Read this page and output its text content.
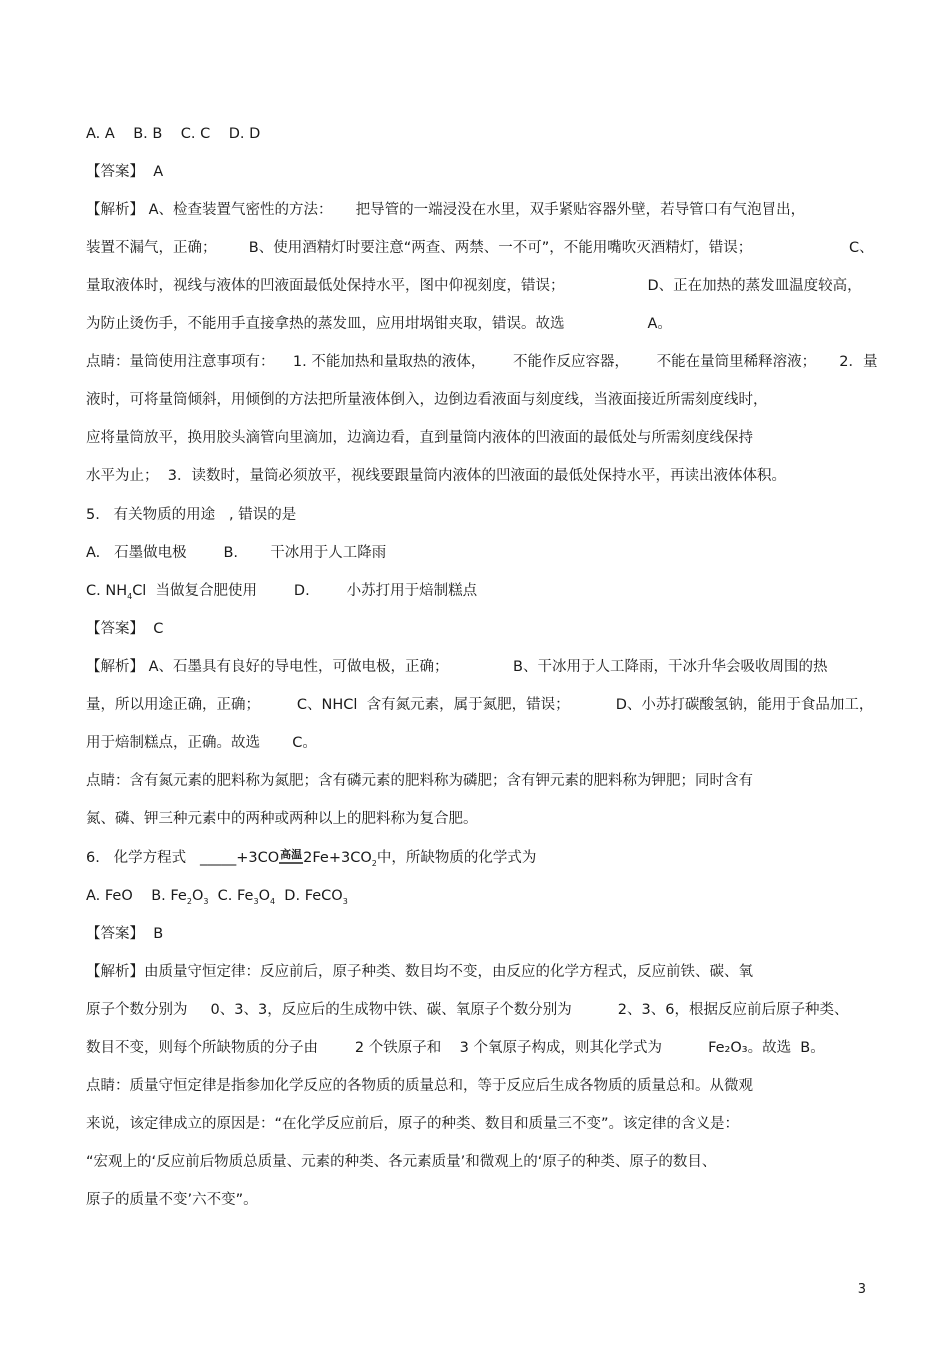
A. A    B. B    C. C    D. D
【答案】  A
【解析】 A、检查装置气密性的方法：     把导管的一端浸没在水里，双手紧贴容器外壁，若导管口有气泡冒出，
装置不漏气，正确；       B、使用酒精灯时要注意“两查、两禁、一不可”，不能用嘴吹灭酒精灯，错误；                     C、
量取液体时，视线与液体的凹液面最低处保持水平，图中仰视刻度，错误；                  D、正在加热的蒸发皿温度较高，
为防止烫伤手，不能用手直接拿热的蒸发皿，应用坩埚钳夹取，错误。故选                  A。
点睛：量筒使用注意事项有：    1. 不能加热和量取热的液体，      不能作反应容器，      不能在量筒里稀释溶液；     2．量
液时，可将量筒倾斜，用倾倒的方法把所量液体倒入，边倒边看液面与刻度线，当液面接近所需刻度线时，
应将量筒放平，换用胶头滴管向里滴加，边滴边看，直到量筒内液体的凹液面的最低处与所需刻度线保持
水平为止；  3．读数时，量筒必须放平，视线要跟量筒内液体的凹液面的最低处保持水平，再读出液体体积。
5.   有关物质的用途   , 错误的是
A.   石墨做电极        B.       干冰用于人工降雨
C. $NH_4Cl$  当做复合肥使用        D.        小苏打用于焙制糕点
【答案】  C
【解析】 A、石墨具有良好的导电性，可做电极，正确；              B、干冰用于人工降雨，干冰升华会吸收周围的热
量，所以用途正确，正确；        C、NHCl  含有氮元素，属于氮肥，错误；          D、小苏打碳酸氢钠，能用于食品加工，
用于焙制糕点，正确。故选       C。
点睛：含有氮元素的肥料称为氮肥；含有磷元素的肥料称为磷肥；含有钾元素的肥料称为钾肥；同时含有
氮、磷、钾三种元素中的两种或两种以上的肥料称为复合肥。
6.   化学方程式   _____+3CO高温$2Fe+3CO_2$中，所缺物质的化学式为
A. FeO    B. $Fe_2O_3$  C. $Fe_3O_4$  D. FeCO$_3$
【答案】  B
【解析】由质量守恒定律：反应前后，原子种类、数目均不变，由反应的化学方程式，反应前铁、碳、氧
原子个数分别为     0、3、3，反应后的生成物中铁、碳、氧原子个数分别为          2、3、6，根据反应前后原子种类、
数目不变，则每个所缺物质的分子由        2 个铁原子和    3 个氧原子构成，则其化学式为          Fe₂O₃。故选  B。
点睛：质量守恒定律是指参加化学反应的各物质的质量总和，等于反应后生成各物质的质量总和。从微观
来说，该定律成立的原因是：“在化学反应前后，原子的种类、数目和质量三不变”。该定律的含义是：
“宏观上的‘反应前后物质总质量、元素的种类、各元素质量’和微观上的‘原子的种类、原子的数目、
原子的质量不变’六不变”。
3
